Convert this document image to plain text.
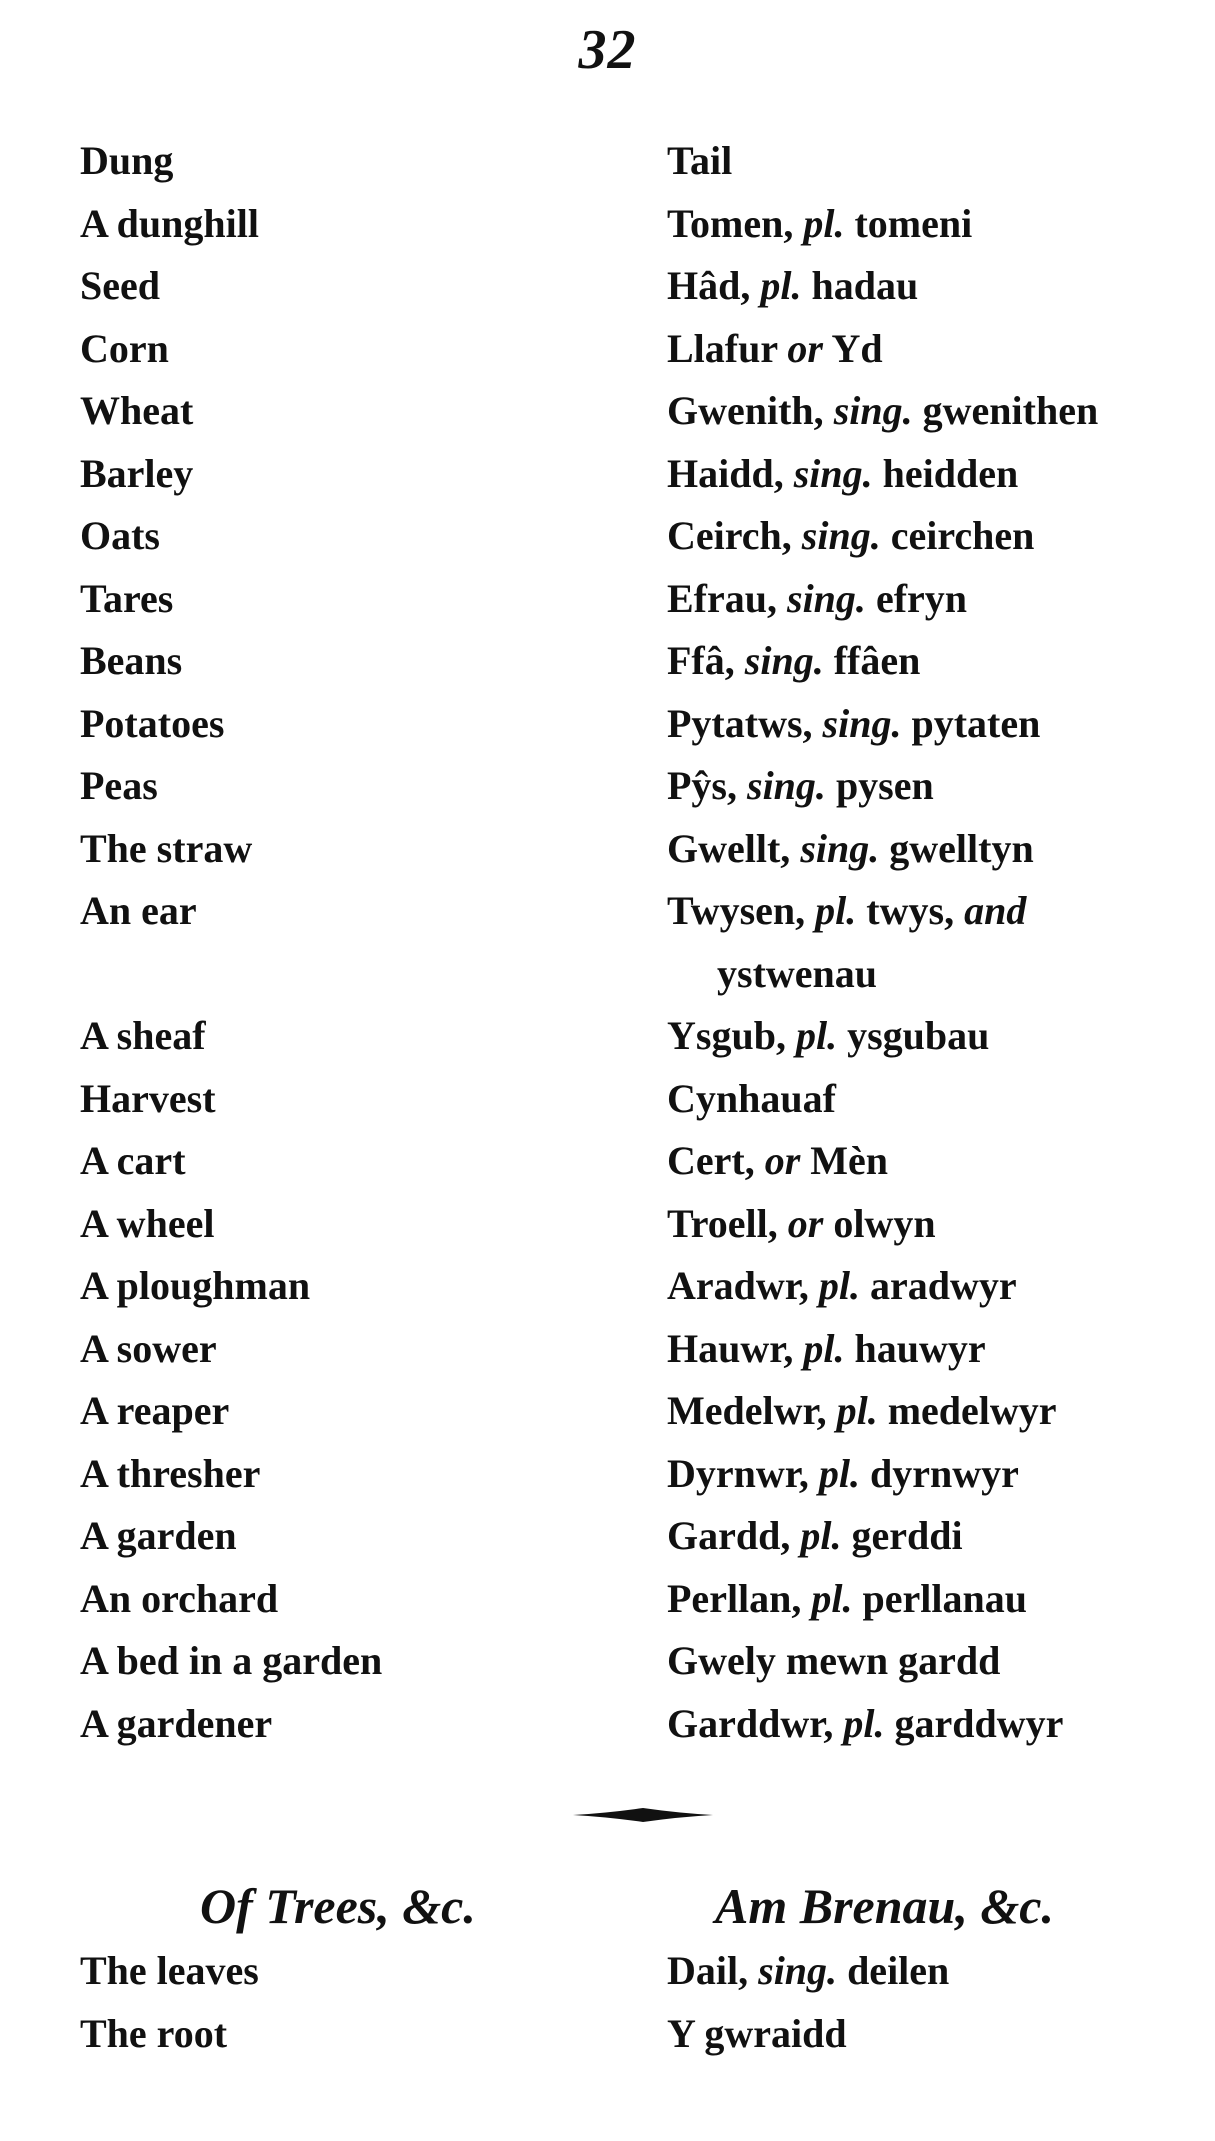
32
Dung	Tail
A dunghill	Tomen, pl. tomeni
Seed	Hâd, pl. hadau
Corn	Llafur or Yd
Wheat	Gwenith, sing. gwenithen
Barley	Haidd, sing. heidden
Oats	Ceirch, sing. ceirchen
Tares	Efrau, sing. efryn
Beans	Ffâ, sing. ffâen
Potatoes	Pytatws, sing. pytaten
Peas	Pŷs, sing. pysen
The straw	Gwellt, sing. gwelltyn
An ear	Twysen, pl. twys, and
ystwenau
A sheaf	Ysgub, pl. ysgubau
Harvest	Cynhauaf
A cart	Cert, or Mèn
A wheel	Troell, or olwyn
A ploughman	Aradwr, pl. aradwyr
A sower	Hauwr, pl. hauwyr
A reaper	Medelwr, pl. medelwyr
A thresher	Dyrnwr, pl. dyrnwyr
A garden	Gardd, pl. gerddi
An orchard	Perllan, pl. perllanau
A bed in a garden	Gwely mewn gardd
A gardener	Garddwr, pl. garddwyr
Of Trees, &c.	Am Brenau, &c.
The leaves	Dail, sing. deilen
The root	Y gwraidd
